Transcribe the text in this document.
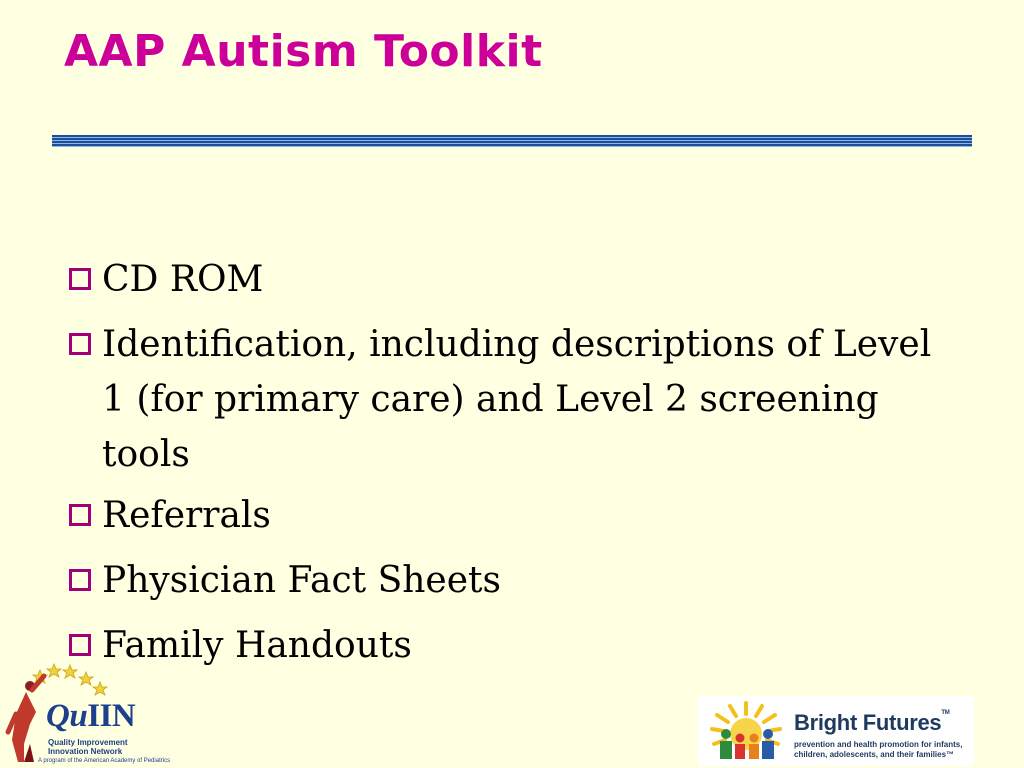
AAP Autism Toolkit
CD ROM
Identification, including descriptions of Level 1 (for primary care) and Level 2 screening tools
Referrals
Physician Fact Sheets
Family Handouts
QuIIN
Quality Improvement
Innovation Network
A program of the American Academy of Pediatrics
Bright Futures™
prevention and health promotion for infants, children, adolescents, and their families™
